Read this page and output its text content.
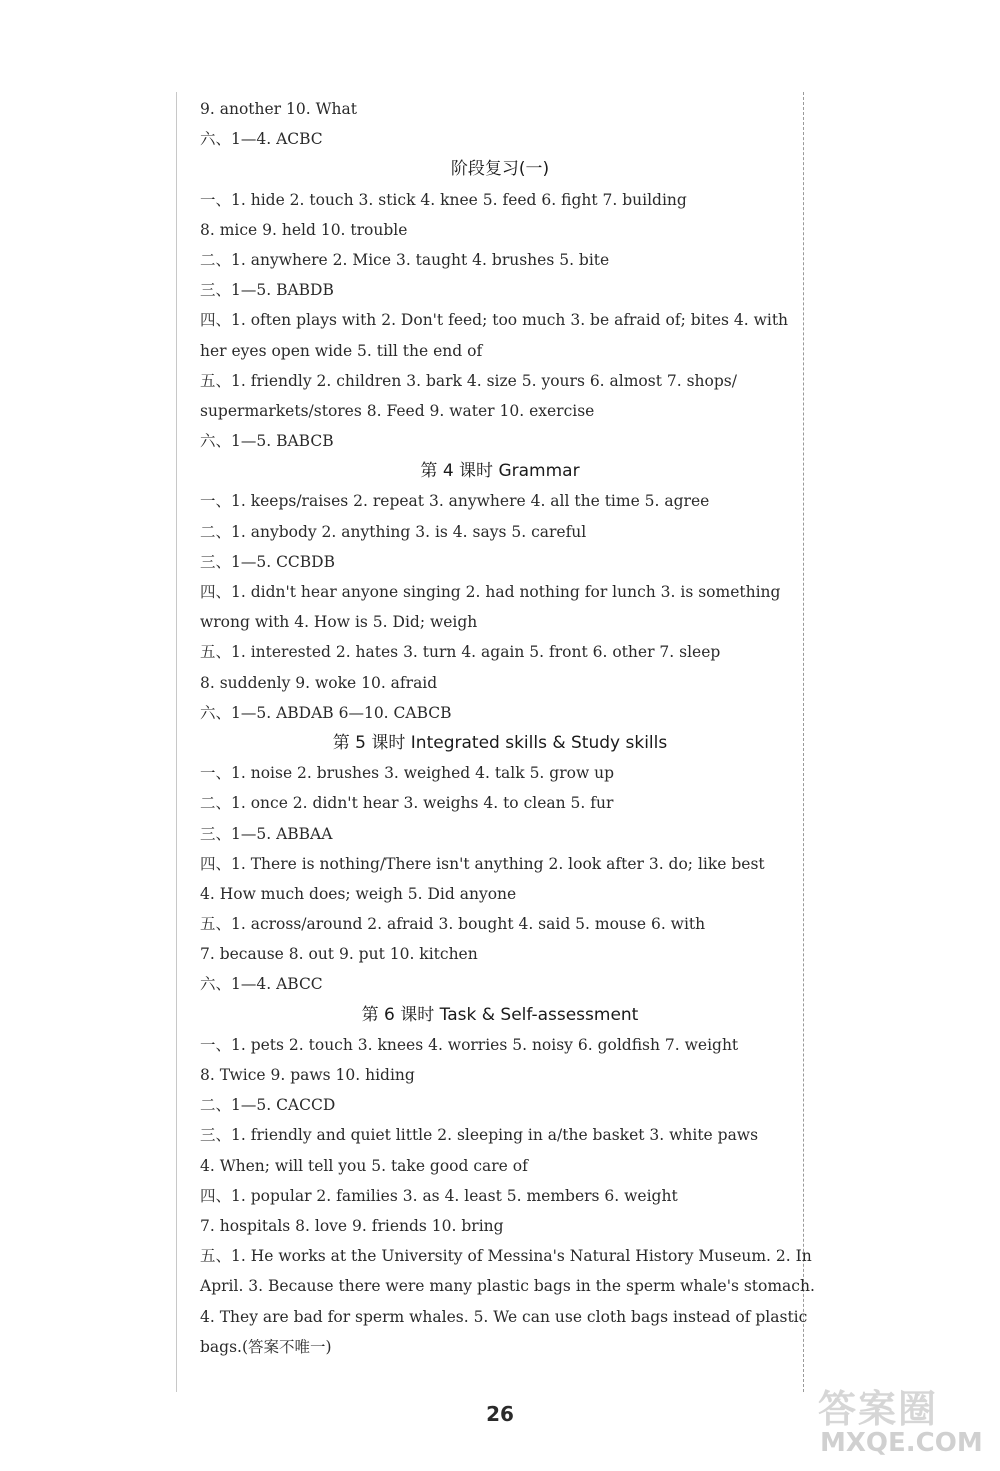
9. another 10. What
六、1—4. ACBC
阶段复习(一)
一、1. hide 2. touch 3. stick 4. knee 5. feed 6. fight 7. building
8. mice 9. held 10. trouble
二、1. anywhere 2. Mice 3. taught 4. brushes 5. bite
三、1—5. BABDB
四、1. often plays with 2. Don't feed; too much 3. be afraid of; bites 4. with
her eyes open wide 5. till the end of
五、1. friendly 2. children 3. bark 4. size 5. yours 6. almost 7. shops/
supermarkets/stores 8. Feed 9. water 10. exercise
六、1—5. BABCB
第 4 课时 Grammar
一、1. keeps/raises 2. repeat 3. anywhere 4. all the time 5. agree
二、1. anybody 2. anything 3. is 4. says 5. careful
三、1—5. CCBDB
四、1. didn't hear anyone singing 2. had nothing for lunch 3. is something
wrong with 4. How is 5. Did; weigh
五、1. interested 2. hates 3. turn 4. again 5. front 6. other 7. sleep
8. suddenly 9. woke 10. afraid
六、1—5. ABDAB 6—10. CABCB
第 5 课时 Integrated skills & Study skills
一、1. noise 2. brushes 3. weighed 4. talk 5. grow up
二、1. once 2. didn't hear 3. weighs 4. to clean 5. fur
三、1—5. ABBAA
四、1. There is nothing/There isn't anything 2. look after 3. do; like best
4. How much does; weigh 5. Did anyone
五、1. across/around 2. afraid 3. bought 4. said 5. mouse 6. with
7. because 8. out 9. put 10. kitchen
六、1—4. ABCC
第 6 课时 Task & Self-assessment
一、1. pets 2. touch 3. knees 4. worries 5. noisy 6. goldfish 7. weight
8. Twice 9. paws 10. hiding
二、1—5. CACCD
三、1. friendly and quiet little 2. sleeping in a/the basket 3. white paws
4. When; will tell you 5. take good care of
四、1. popular 2. families 3. as 4. least 5. members 6. weight
7. hospitals 8. love 9. friends 10. bring
五、1. He works at the University of Messina's Natural History Museum. 2. In
April. 3. Because there were many plastic bags in the sperm whale's stomach.
4. They are bad for sperm whales. 5. We can use cloth bags instead of plastic
bags.(答案不唯一)
26	答案圈
MXQE.COM
